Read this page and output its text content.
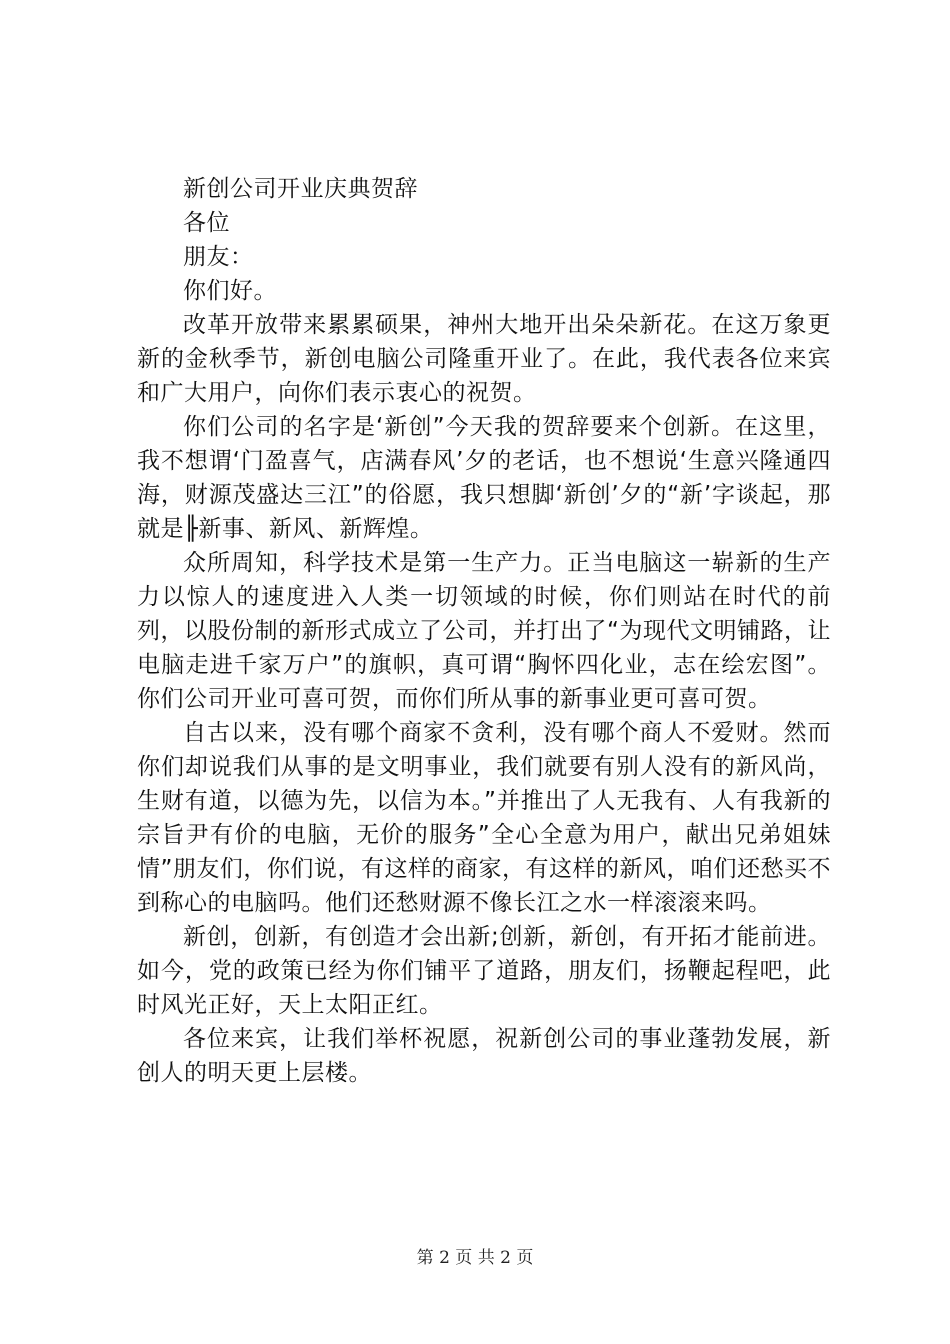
新创公司开业庆典贺辞

各位

朋友：

你们好。

改革开放带来累累硕果，神州大地开出朵朵新花。在这万象更新的金秋季节，新创电脑公司隆重开业了。在此，我代表各位来宾和广大用户，向你们表示衷心的祝贺。

你们公司的名字是‘新创”今天我的贺辞要来个创新。在这里，我不想谓‘门盈喜气，店满春风’夕的老话，也不想说‘生意兴隆通四海，财源茂盛达三江”的俗愿，我只想脚‘新创’夕的“新’字谈起，那就是╟新事、新风、新辉煌。

众所周知，科学技术是第一生产力。正当电脑这一崭新的生产力以惊人的速度进入人类一切领域的时候，你们则站在时代的前列，以股份制的新形式成立了公司，并打出了“为现代文明铺路，让电脑走进千家万户”的旗帜，真可谓“胸怀四化业，志在绘宏图”。你们公司开业可喜可贺，而你们所从事的新事业更可喜可贺。

自古以来，没有哪个商家不贪利，没有哪个商人不爱财。然而你们却说我们从事的是文明事业，我们就要有别人没有的新风尚，生财有道，以德为先，以信为本。”并推出了人无我有、人有我新的宗旨尹有价的电脑，无价的服务”全心全意为用户，献出兄弟姐妹情”朋友们，你们说，有这样的商家，有这样的新风，咱们还愁买不到称心的电脑吗。他们还愁财源不像长江之水一样滚滚来吗。

新创，创新，有创造才会出新;创新，新创，有开拓才能前进。如今，党的政策已经为你们铺平了道路，朋友们，扬鞭起程吧，此时风光正好，天上太阳正红。

各位来宾，让我们举杯祝愿，祝新创公司的事业蓬勃发展，新创人的明天更上层楼。

第 2 页 共 2 页
